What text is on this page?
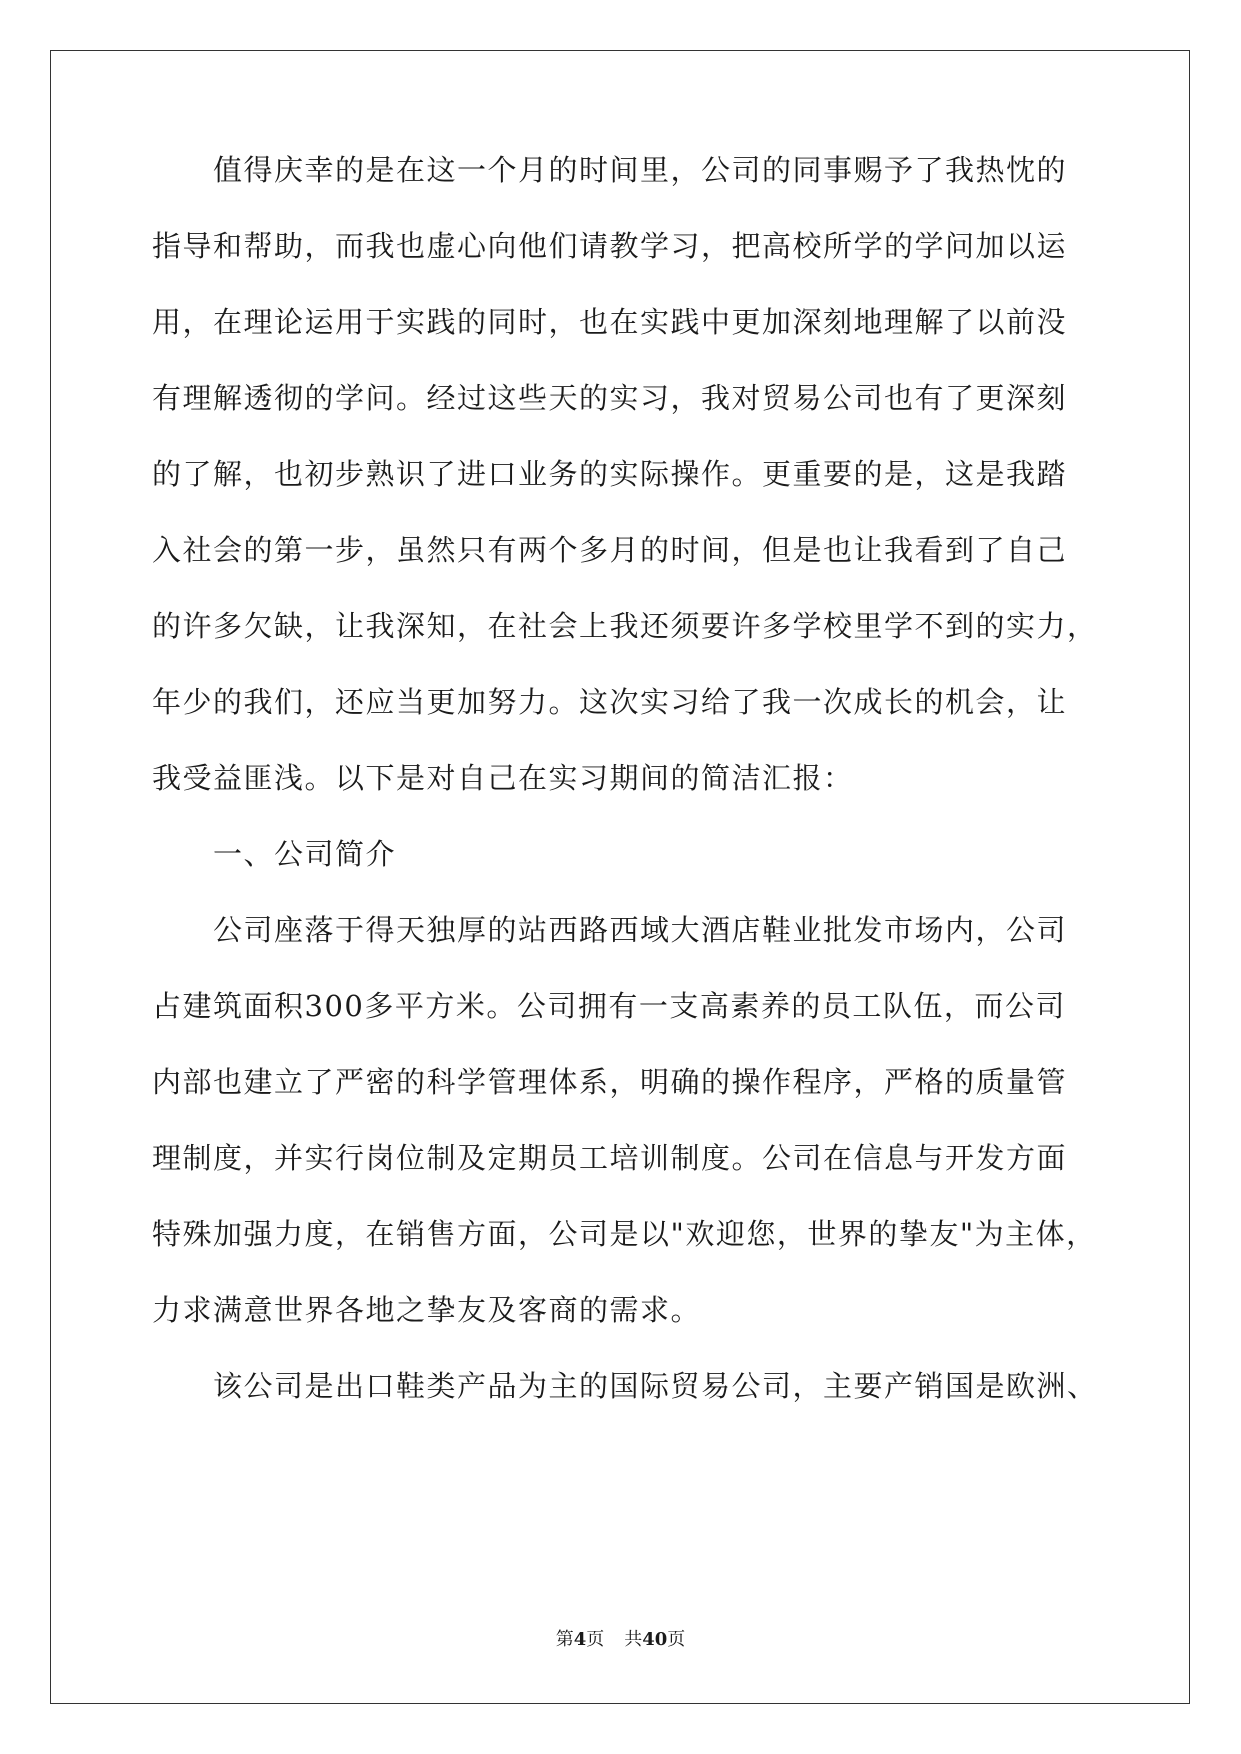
值得庆幸的是在这一个月的时间里，公司的同事赐予了我热忱的
指导和帮助，而我也虚心向他们请教学习，把高校所学的学问加以运
用，在理论运用于实践的同时，也在实践中更加深刻地理解了以前没
有理解透彻的学问。经过这些天的实习，我对贸易公司也有了更深刻
的了解，也初步熟识了进口业务的实际操作。更重要的是，这是我踏
入社会的第一步，虽然只有两个多月的时间，但是也让我看到了自己
的许多欠缺，让我深知，在社会上我还须要许多学校里学不到的实力，
年少的我们，还应当更加努力。这次实习给了我一次成长的机会，让
我受益匪浅。以下是对自己在实习期间的简洁汇报：
一、公司简介
公司座落于得天独厚的站西路西域大酒店鞋业批发市场内，公司
占建筑面积300多平方米。公司拥有一支高素养的员工队伍，而公司
内部也建立了严密的科学管理体系，明确的操作程序，严格的质量管
理制度，并实行岗位制及定期员工培训制度。公司在信息与开发方面
特殊加强力度，在销售方面，公司是以"欢迎您，世界的挚友"为主体，
力求满意世界各地之挚友及客商的需求。
该公司是出口鞋类产品为主的国际贸易公司，主要产销国是欧洲、
第4页 共40页
